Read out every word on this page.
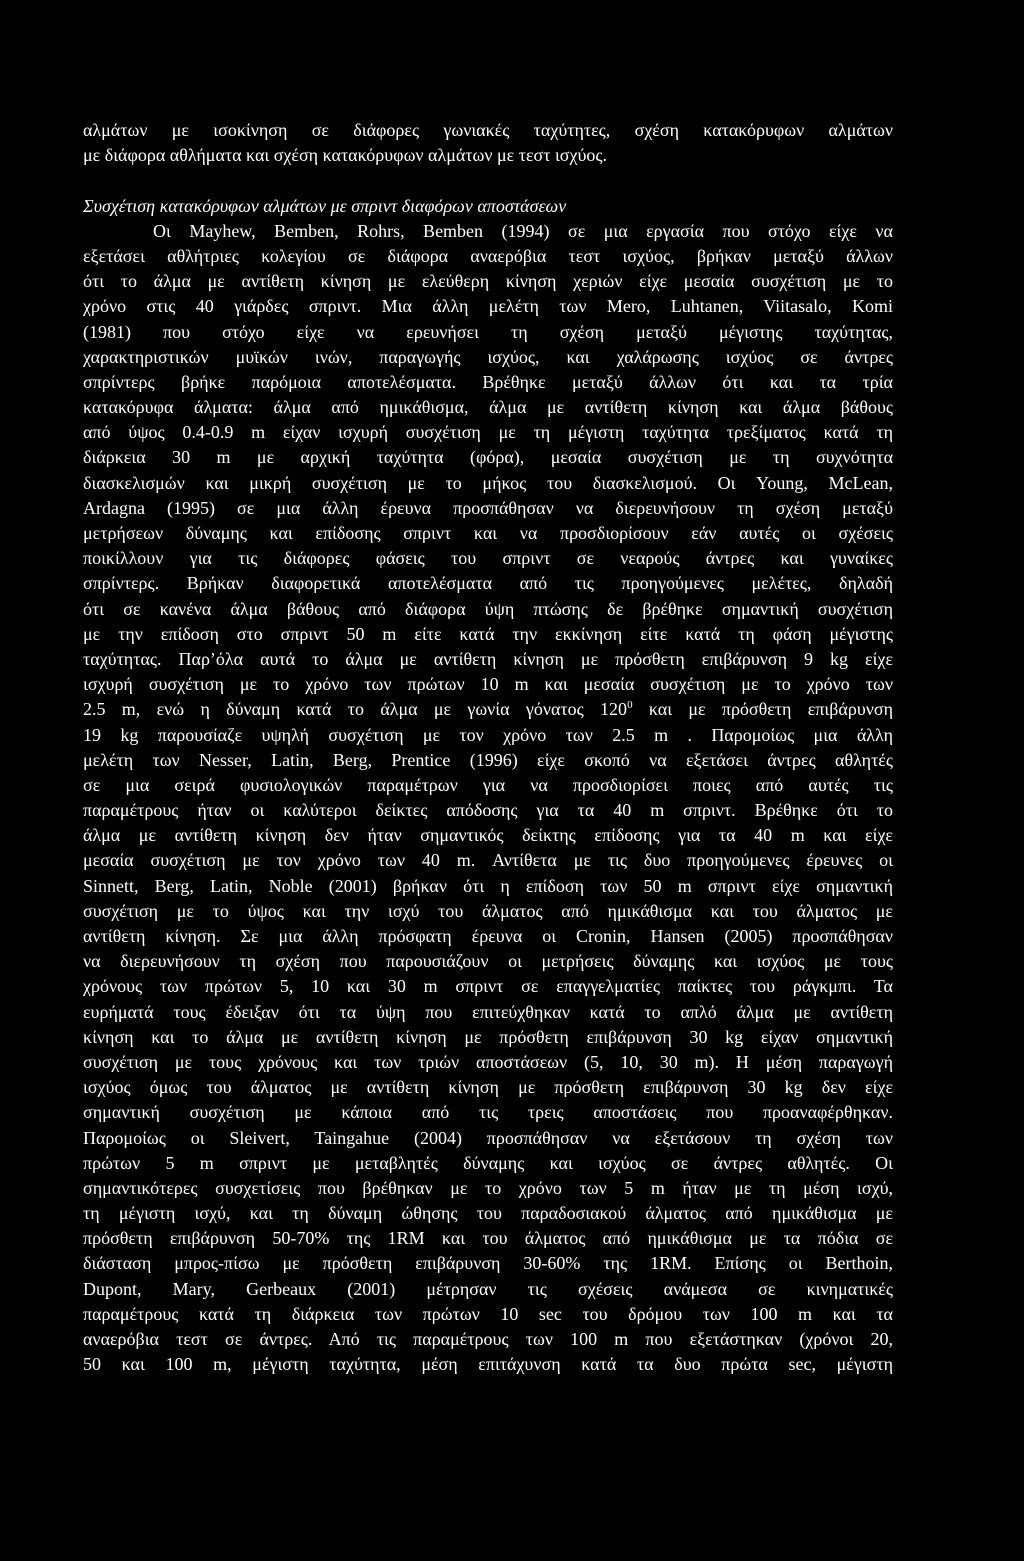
αλμάτων με ισοκίνηση σε διάφορες γωνιακές ταχύτητες, σχέση κατακόρυφων αλμάτων
με διάφορα αθλήματα και σχέση κατακόρυφων αλμάτων με τεστ ισχύος.
Συσχέτιση κατακόρυφων αλμάτων με σπριντ διαφόρων αποστάσεων
Οι Mayhew, Bemben, Rohrs, Bemben (1994) σε μια εργασία που στόχο είχε να
εξετάσει αθλήτριες κολεγίου σε διάφορα αναερόβια τεστ ισχύος, βρήκαν μεταξύ άλλων
ότι το άλμα με αντίθετη κίνηση με ελεύθερη κίνηση χεριών είχε μεσαία συσχέτιση με το
χρόνο στις 40 γιάρδες σπριντ. Μια άλλη μελέτη των Mero, Luhtanen, Viitasalo, Komi
(1981) που στόχο είχε να ερευνήσει τη σχέση μεταξύ μέγιστης ταχύτητας,
χαρακτηριστικών μυϊκών ινών, παραγωγής ισχύος, και χαλάρωσης ισχύος σε άντρες
σπρίντερς βρήκε παρόμοια αποτελέσματα. Βρέθηκε μεταξύ άλλων ότι και τα τρία
κατακόρυφα άλματα: άλμα από ημικάθισμα, άλμα με αντίθετη κίνηση και άλμα βάθους
από ύψος 0.4-0.9 m είχαν ισχυρή συσχέτιση με τη μέγιστη ταχύτητα τρεξίματος κατά τη
διάρκεια 30 m με αρχική ταχύτητα (φόρα), μεσαία συσχέτιση με τη συχνότητα
διασκελισμών και μικρή συσχέτιση με το μήκος του διασκελισμού. Οι Young, McLean,
Ardagna (1995) σε μια άλλη έρευνα προσπάθησαν να διερευνήσουν τη σχέση μεταξύ
μετρήσεων δύναμης και επίδοσης σπριντ και να προσδιορίσουν εάν αυτές οι σχέσεις
ποικίλλουν για τις διάφορες φάσεις του σπριντ σε νεαρούς άντρες και γυναίκες
σπρίντερς. Βρήκαν διαφορετικά αποτελέσματα από τις προηγούμενες μελέτες, δηλαδή
ότι σε κανένα άλμα βάθους από διάφορα ύψη πτώσης δε βρέθηκε σημαντική συσχέτιση
με την επίδοση στο σπριντ 50 m είτε κατά την εκκίνηση είτε κατά τη φάση μέγιστης
ταχύτητας. Παρ’όλα αυτά το άλμα με αντίθετη κίνηση με πρόσθετη επιβάρυνση 9 kg είχε
ισχυρή συσχέτιση με το χρόνο των πρώτων 10 m και μεσαία συσχέτιση με το χρόνο των
2.5 m, ενώ η δύναμη κατά το άλμα με γωνία γόνατος $120^0$ και με πρόσθετη επιβάρυνση
19 kg παρουσίαζε υψηλή συσχέτιση με τον χρόνο των 2.5 m . Παρομοίως μια άλλη
μελέτη των Nesser, Latin, Berg, Prentice (1996) είχε σκοπό να εξετάσει άντρες αθλητές
σε μια σειρά φυσιολογικών παραμέτρων για να προσδιορίσει ποιες από αυτές τις
παραμέτρους ήταν οι καλύτεροι δείκτες απόδοσης για τα 40 m σπριντ. Βρέθηκε ότι το
άλμα με αντίθετη κίνηση δεν ήταν σημαντικός δείκτης επίδοσης για τα 40 m και είχε
μεσαία συσχέτιση με τον χρόνο των 40 m. Αντίθετα με τις δυο προηγούμενες έρευνες οι
Sinnett, Berg, Latin, Noble (2001) βρήκαν ότι η επίδοση των 50 m σπριντ είχε σημαντική
συσχέτιση με το ύψος και την ισχύ του άλματος από ημικάθισμα και του άλματος με
αντίθετη κίνηση. Σε μια άλλη πρόσφατη έρευνα οι Cronin, Hansen (2005) προσπάθησαν
να διερευνήσουν τη σχέση που παρουσιάζουν οι μετρήσεις δύναμης και ισχύος με τους
χρόνους των πρώτων 5, 10 και 30 m σπριντ σε επαγγελματίες παίκτες του ράγκμπι. Τα
ευρήματά τους έδειξαν ότι τα ύψη που επιτεύχθηκαν κατά το απλό άλμα με αντίθετη
κίνηση και το άλμα με αντίθετη κίνηση με πρόσθετη επιβάρυνση 30 kg είχαν σημαντική
συσχέτιση με τους χρόνους και των τριών αποστάσεων (5, 10, 30 m). Η μέση παραγωγή
ισχύος όμως του άλματος με αντίθετη κίνηση με πρόσθετη επιβάρυνση 30 kg δεν είχε
σημαντική συσχέτιση με κάποια από τις τρεις αποστάσεις που προαναφέρθηκαν.
Παρομοίως οι Sleivert, Taingahue (2004) προσπάθησαν να εξετάσουν τη σχέση των
πρώτων 5 m σπριντ με μεταβλητές δύναμης και ισχύος σε άντρες αθλητές. Οι
σημαντικότερες συσχετίσεις που βρέθηκαν με το χρόνο των 5 m ήταν με τη μέση ισχύ,
τη μέγιστη ισχύ, και τη δύναμη ώθησης του παραδοσιακού άλματος από ημικάθισμα με
πρόσθετη επιβάρυνση 50-70% της 1RM και του άλματος από ημικάθισμα με τα πόδια σε
διάσταση μπρος-πίσω με πρόσθετη επιβάρυνση 30-60% της 1RM. Επίσης οι Berthoin,
Dupont, Mary, Gerbeaux (2001) μέτρησαν τις σχέσεις ανάμεσα σε κινηματικές
παραμέτρους κατά τη διάρκεια των πρώτων 10 sec του δρόμου των 100 m και τα
αναερόβια τεστ σε άντρες. Από τις παραμέτρους των 100 m που εξετάστηκαν (χρόνοι 20,
50 και 100 m, μέγιστη ταχύτητα, μέση επιτάχυνση κατά τα δυο πρώτα sec, μέγιστη
